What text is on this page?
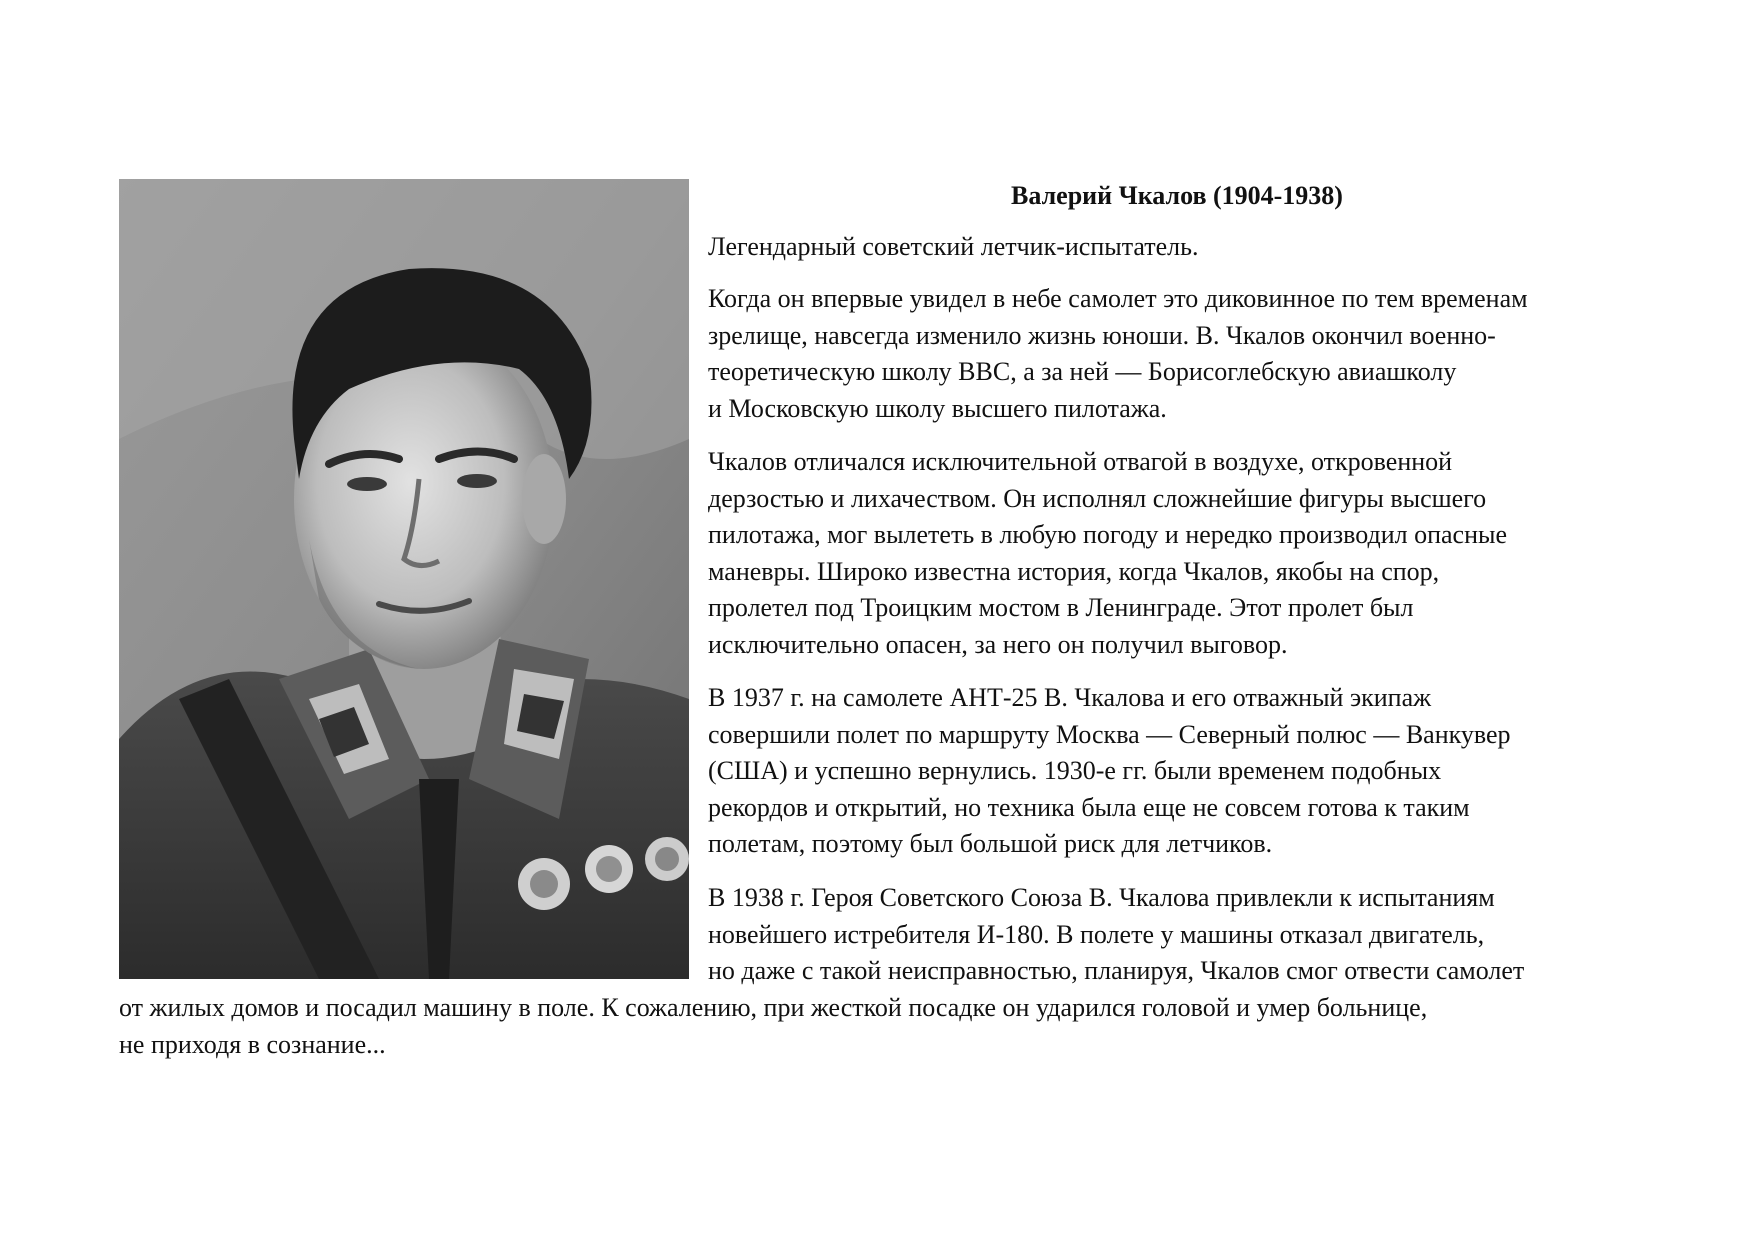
Валерий Чкалов (1904-1938)

Легендарный советский летчик-испытатель.

Когда он впервые увидел в небе самолет это диковинное по тем временам
зрелище, навсегда изменило жизнь юноши. В. Чкалов окончил военно-
теоретическую школу ВВС, а за ней — Борисоглебскую авиашколу
и Московскую школу высшего пилотажа.

Чкалов отличался исключительной отвагой в воздухе, откровенной
дерзостью и лихачеством. Он исполнял сложнейшие фигуры высшего
пилотажа, мог вылететь в любую погоду и нередко производил опасные
маневры. Широко известна история, когда Чкалов, якобы на спор,
пролетел под Троицким мостом в Ленинграде. Этот пролет был
исключительно опасен, за него он получил выговор.

В 1937 г. на самолете АНТ-25 В. Чкалова и его отважный экипаж
совершили полет по маршруту Москва — Северный полюс — Ванкувер
(США) и успешно вернулись. 1930-е гг. были временем подобных
рекордов и открытий, но техника была еще не совсем готова к таким
полетам, поэтому был большой риск для летчиков.

В 1938 г. Героя Советского Союза В. Чкалова привлекли к испытаниям
новейшего истребителя И-180. В полете у машины отказал двигатель,
но даже с такой неисправностью, планируя, Чкалов смог отвести самолет

от жилых домов и посадил машину в поле. К сожалению, при жесткой посадке он ударился головой и умер больнице,
не приходя в сознание...
